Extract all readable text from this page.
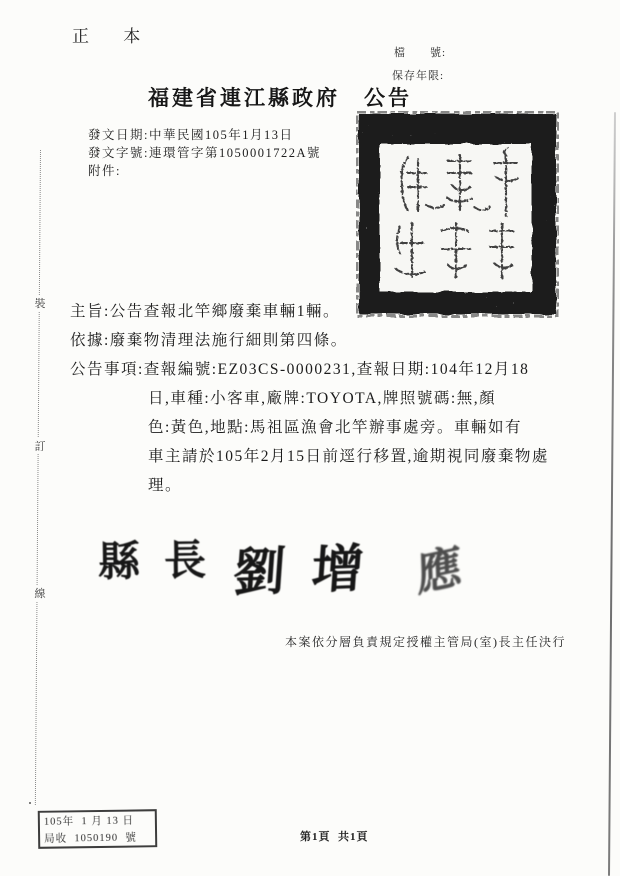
正 本
檔　　號:
保存年限:
福建省連江縣政府　公告
發文日期:中華民國105年1月13日
發文字號:連環管字第1050001722A號
附件:
主旨:公告查報北竿鄉廢棄車輛1輛。
依據:廢棄物清理法施行細則第四條。
公告事項:查報編號:EZ03CS-0000231,查報日期:104年12月18
日,車種:小客車,廠牌:TOYOTA,牌照號碼:無,顏
色:黃色,地點:馬祖區漁會北竿辦事處旁。車輛如有
車主請於105年2月15日前逕行移置,逾期視同廢棄物處
理。
縣長 劉增 應
本案依分層負責規定授權主管局(室)長主任決行
裝
訂
線
105年  1 月 13 日
局收  1050190  號	第1頁  共1頁
